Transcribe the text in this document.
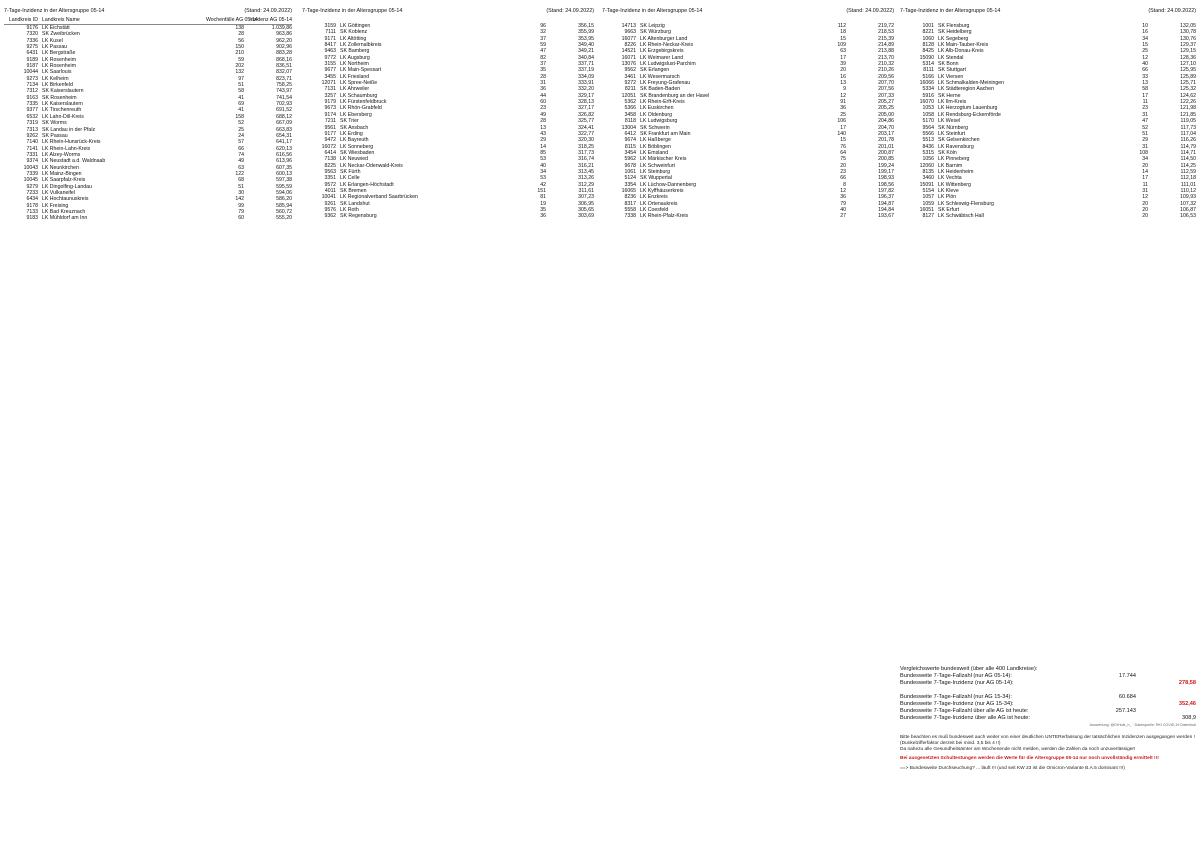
7-Tage-Inzidenz in der Altersgruppe 05-14	(Stand: 24.09.2022)
Landkreis ID Landkreis Name	Wochenfälle AG 05-14
Inzidenz AG 05-14
9176 LK Eichstätt	138	1.039,86
7320 SK Zweibrücken	28	963,86
7336 LK Kusel	56	962,20
9275 LK Passau	150	902,96
6431 LK Bergstraße	210	883,28
9189 LK Rosenheim	59	868,16
9187 LK Rosenheim	202	836,51
10044 LK Saarlouis	132	832,07
9273 LK Kelheim	97	823,71
7134 LK Birkenfeld	51	758,25
7312 SK Kaiserslautern	58	743,97
9163 SK Rosenheim	41	741,54
7335 LK Kaiserslautern	69	702,93
9377 LK Tirschenreuth	41	691,52
6532 LK Lahn-Dill-Kreis	158	688,12
7319 SK Worms	52	667,09
7313 SK Landau in der Pfalz	25	663,83
9262 SK Passau	24	654,31
7140 LK Rhein-Hunsrück-Kreis	57	641,17
7141 LK Rhein-Lahn-Kreis	66	620,13
7331 LK Alzey-Worms	74	616,56
9374 LK Neustadt a.d. Waldnaab	49	613,96
10043 LK Neunkirchen	63	607,35
7339 LK Mainz-Bingen	122	600,13
10045 LK Saarpfalz-Kreis	68	597,38
9279 LK Dingolfing-Landau	51	595,59
7233 LK Vulkaneifel	30	594,06
6434 LK Hochtaunuskreis	142	586,20
9178 LK Freising	99	585,94
7133 LK Bad Kreuznach	79	560,72
9183 LK Mühldorf am Inn	60	555,20
7-Tage-Inzidenz in der Altersgruppe 05-14	(Stand: 24.09.2022)
3159 LK Göttingen	96	356,15
7111 SK Koblenz	32	355,99
9171 LK Altötting	37	353,95
8417 LK Zollernalbkreis	59	349,40
9463 SK Bamberg	47	349,21
9772 LK Augsburg	82	340,84
3155 LK Northeim	37	337,71
9677 LK Main-Spessart	35	337,19
3455 LK Friesland	28	334,09
12071 LK Spree-Neiße	31	333,91
7131 LK Ahrweiler	36	332,20
3257 LK Schaumburg	44	329,17
9179 LK Fürstenfeldbruck	60	328,13
9673 LK Rhön-Grabfeld	23	327,17
9174 LK Ebersberg	49	326,82
7211 SK Trier	28	325,77
9561 SK Ansbach	13	324,41
9177 LK Erding	43	322,77
9472 LK Bayreuth	29	320,30
16072 LK Sonneberg	14	318,25
6414 SK Wiesbaden	85	317,73
7138 LK Neuwied	53	316,74
8225 LK Neckar-Odenwald-Kreis	40	316,21
9563 SK Fürth	34	313,45
3351 LK Celle	53	313,26
9572 LK Erlangen-Höchstadt	42	312,29
4011 SK Bremen	151	311,61
10041 LK Regionalverband Saarbrücken	81	307,23
9261 SK Landshut	19	306,95
9576 LK Roth	35	305,65
9362 SK Regensburg	36	303,69
7-Tage-Inzidenz in der Altersgruppe 05-14	(Stand: 24.09.2022)
14713 SK Leipzig	112	219,72
9663 SK Würzburg	18	218,53
16077 LK Altenburger Land	15	215,39
8226 LK Rhein-Neckar-Kreis	109	214,89
14521 LK Erzgebirgskreis	63	213,88
16071 LK Weimarer Land	17	213,70
13076 LK Ludwigslust-Parchim	39	210,32
9562 SK Erlangen	20	210,26
3461 LK Wesermarsch	16	209,56
9272 LK Freyung-Grafenau	13	207,70
8211 SK Baden-Baden	9	207,56
12051 SK Brandenburg an der Havel	12	207,33
5362 LK Rhein-Erft-Kreis	91	205,27
5366 LK Euskirchen	36	205,25
3458 LK Oldenburg	25	205,00
8118 LK Ludwigsburg	106	204,86
13004 SK Schwerin	17	204,70
6412 SK Frankfurt am Main	140	203,17
9674 LK Haßberge	15	201,78
8115 LK Böblingen	76	201,01
3454 LK Emsland	64	200,87
5962 LK Märkischer Kreis	75	200,85
9678 LK Schweinfurt	20	199,24
1061 LK Steinburg	23	199,17
5124 SK Wuppertal	66	198,93
3354 LK Lüchow-Dannenberg	8	198,56
16065 LK Kyffhäuserkreis	12	197,82
8236 LK Enzkreis	36	196,37
8317 LK Ortenaukreis	79	194,87
5558 LK Coesfeld	40	194,84
7338 LK Rhein-Pfalz-Kreis	27	193,67
7-Tage-Inzidenz in der Altersgruppe 05-14	(Stand: 24.09.2022)
1001 SK Flensburg	10	132,05
8221 SK Heidelberg	16	130,78
1060 LK Segeberg	34	130,76
8128 LK Main-Tauber-Kreis	15	129,37
8425 LK Alb-Donau-Kreis	25	129,15
15090 LK Stendal	12	128,36
5314 SK Bonn	40	127,10
8111 SK Stuttgart	66	125,95
5166 LK Viersen	33	125,89
16066 LK Schmalkalden-Meiningen	13	125,71
5334 LK Städteregion Aachen	58	125,32
5916 SK Herne	17	124,62
16070 LK Ilm-Kreis	11	122,26
1053 LK Herzogtum Lauenburg	23	121,98
1058 LK Rendsburg-Eckernförde	31	121,85
5170 LK Wesel	47	119,05
9564 SK Nürnberg	52	117,73
5566 LK Steinfurt	51	117,04
5513 SK Gelsenkirchen	29	116,26
8436 LK Ravensburg	31	114,79
5315 SK Köln	108	114,71
1056 LK Pinneberg	34	114,50
12060 LK Barnim	20	114,25
8135 LK Heidenheim	14	112,59
3460 LK Vechta	17	112,18
15091 LK Wittenberg	11	111,01
5154 LK Kleve	31	110,12
1057 LK Plön	12	109,93
1059 LK Schleswig-Flensburg	20	107,32
16051 SK Erfurt	20	106,87
8127 LK Schwäbisch Hall	20	106,53
Vergleichswerte bundesweit (über alle 400 Landkreise):
Bundesweite 7-Tage-Fallzahl (nur AG 05-14):	17.744
Bundesweite 7-Tage-Inzidenz (nur AG 05-14):	278,58
Bundesweite 7-Tage-Fallzahl (nur AG 15-34):	60.684
Bundesweite 7-Tage-Inzidenz (nur AG 15-34):	352,46
Bundesweite 7-Tage-Fallzahl über alle AG ist heute:	257.143
Bundesweite 7-Tage-Inzidenz über alle AG ist heute:	308,9
Auswertung: @DrHufs_h_ · Datenquelle: RKI COVID-19 Datenhub
Bitte beachten es muß bundesweit auch weiter von einer deutlichen UNTERerfassung der tatsächlichen Inzidenzen ausgegangen werden ! (Dunkelzifferfaktor derzeit bei mind. 3,5 bis 4 !!)
Da nahezu alle Gesundheitsämter am Wochenende nicht melden, werden die Zahlen da noch unzuverlässiger!
Bei ausgesetzten Schultestungen werden die Werte für die Altersgruppe 05-14 nur noch unvollständig ermittelt !!!
==> Bundesweite Durchseuchung? ... läuft !!! (und seit KW 23 ist die Omicron-Variante B.A.5 dominant !!!)
